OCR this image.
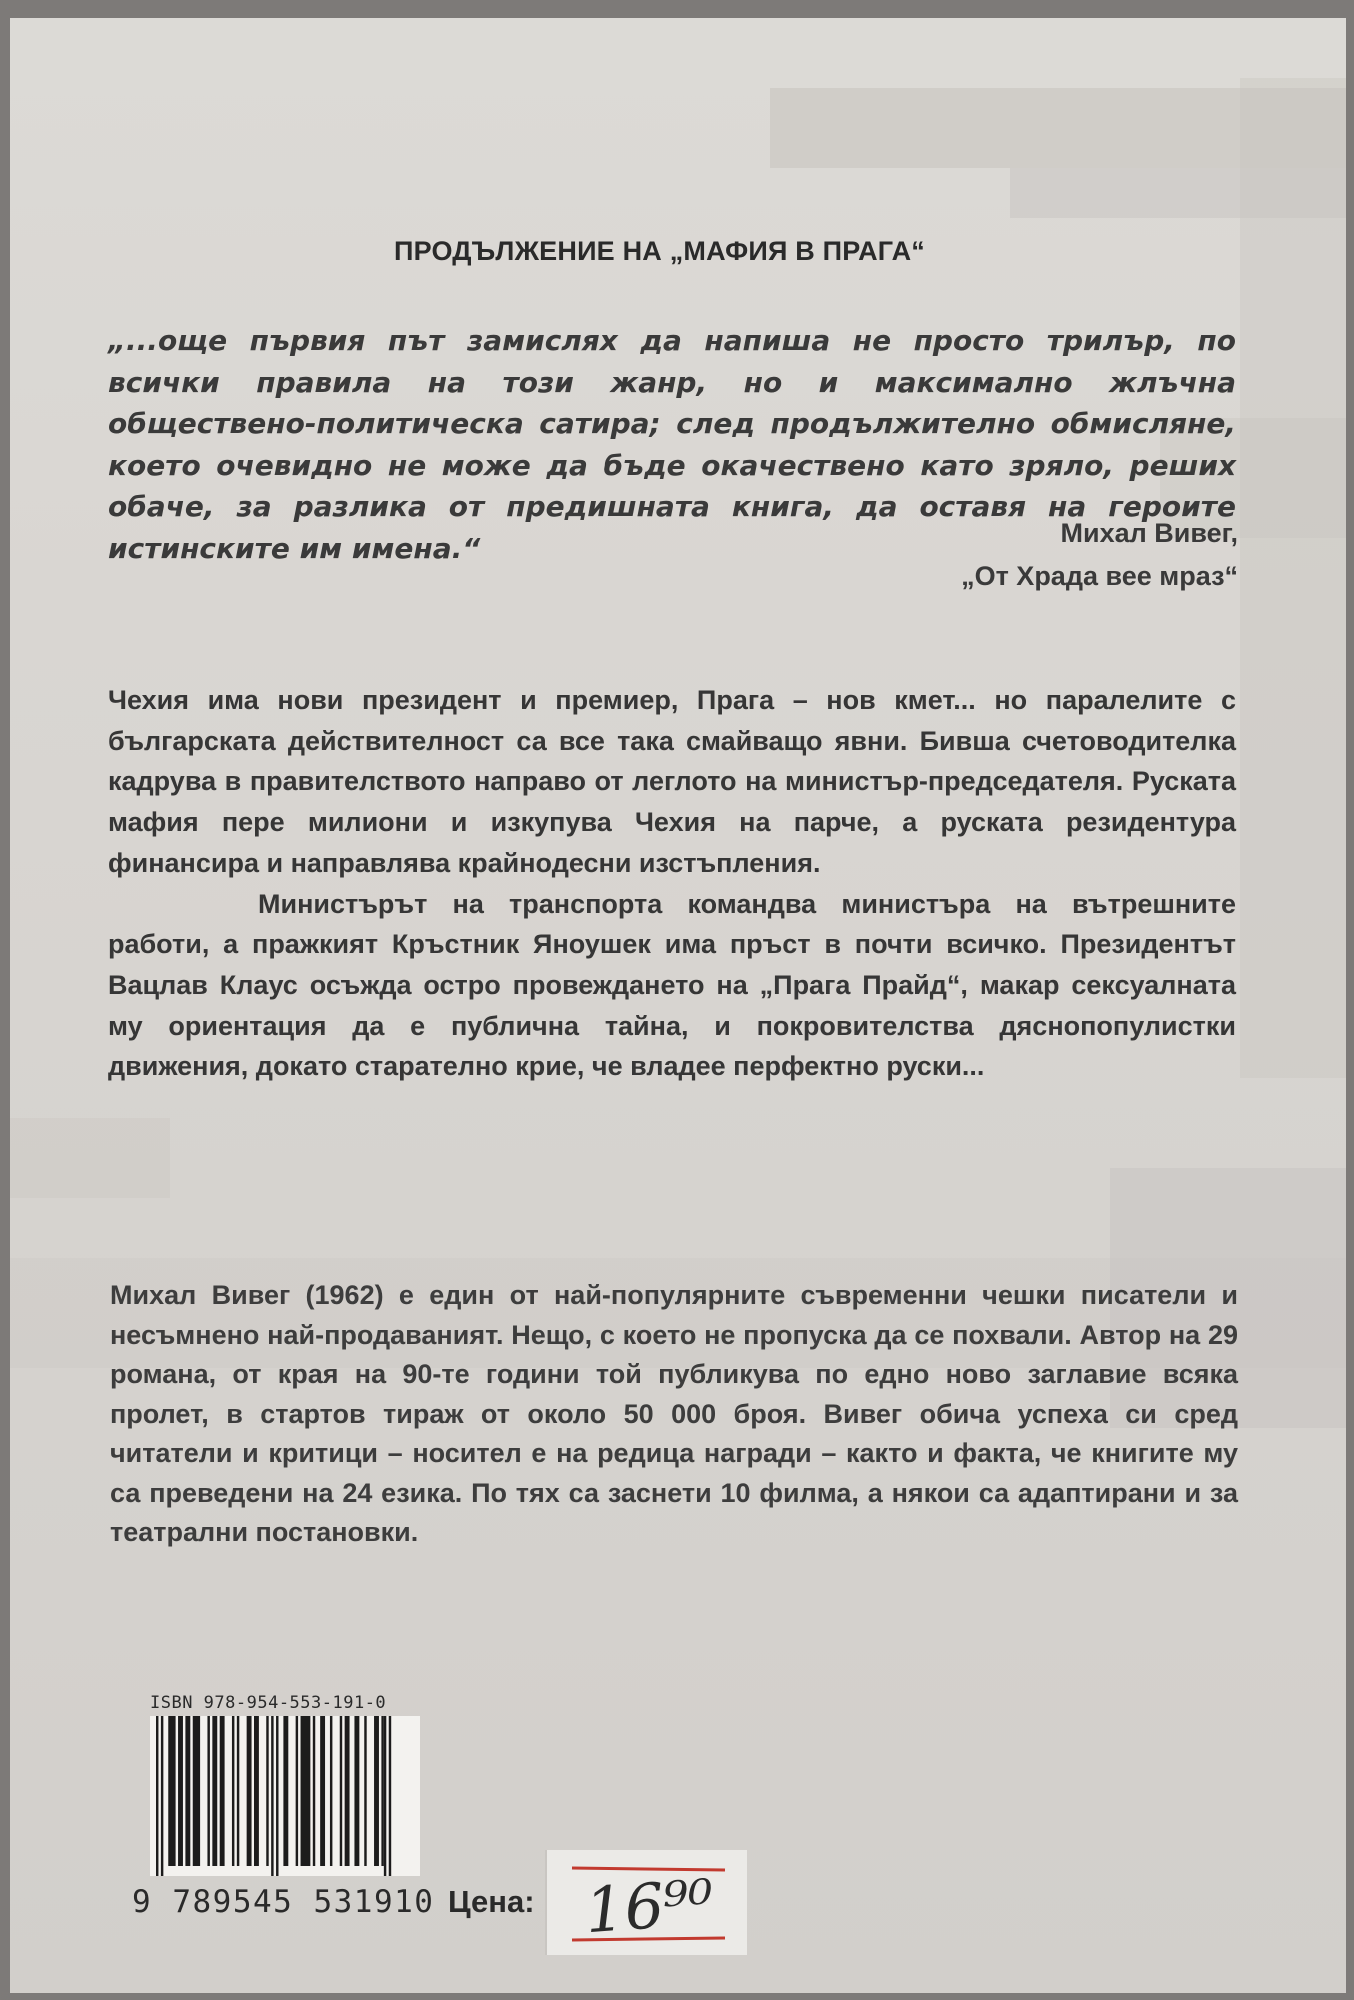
ПРОДЪЛЖЕНИЕ НА „МАФИЯ В ПРАГА“
„...още първия път замислях да напиша не просто трилър, по всички правила на този жанр, но и максимално жлъчна обществено-политическа сатира; след продължително обмисляне, което очевидно не може да бъде окачествено като зряло, реших обаче, за разлика от предишната книга, да оставя на героите истинските им имена.“	Михал Вивег,
„От Храда вее мраз“

Чехия има нови президент и премиер, Прага – нов кмет... но паралелите с българската действителност са все така смайващо явни. Бивша счетоводителка кадрува в правителството направо от леглото на министър-председателя. Руската мафия пере милиони и изкупува Чехия на парче, а руската резидентура финансира и направлява крайнодесни изстъпления.

Министърът на транспорта командва министъра на вътрешните работи, а пражкият Кръстник Яноушек има пръст в почти всичко. Президентът Вацлав Клаус осъжда остро провеждането на „Прага Прайд“, макар сексуалната му ориентация да е публична тайна, и покровителства дяснопопулистки движения, докато старателно крие, че владее перфектно руски...

Михал Вивег (1962) е един от най-популярните съвременни чешки писатели и несъмнено най-продаваният. Нещо, с което не пропуска да се похвали. Автор на 29 романа, от края на 90-те години той публикува по едно ново заглавие всяка пролет, в стартов тираж от около 50 000 броя. Вивег обича успеха си сред читатели и критици – носител е на редица награди – както и факта, че книгите му са преведени на 24 езика. По тях са заснети 10 филма, а някои са адаптирани и за театрални постановки.
ISBN 978-954-553-191-0
9 789545 531910 Цена: 16⁹⁰
